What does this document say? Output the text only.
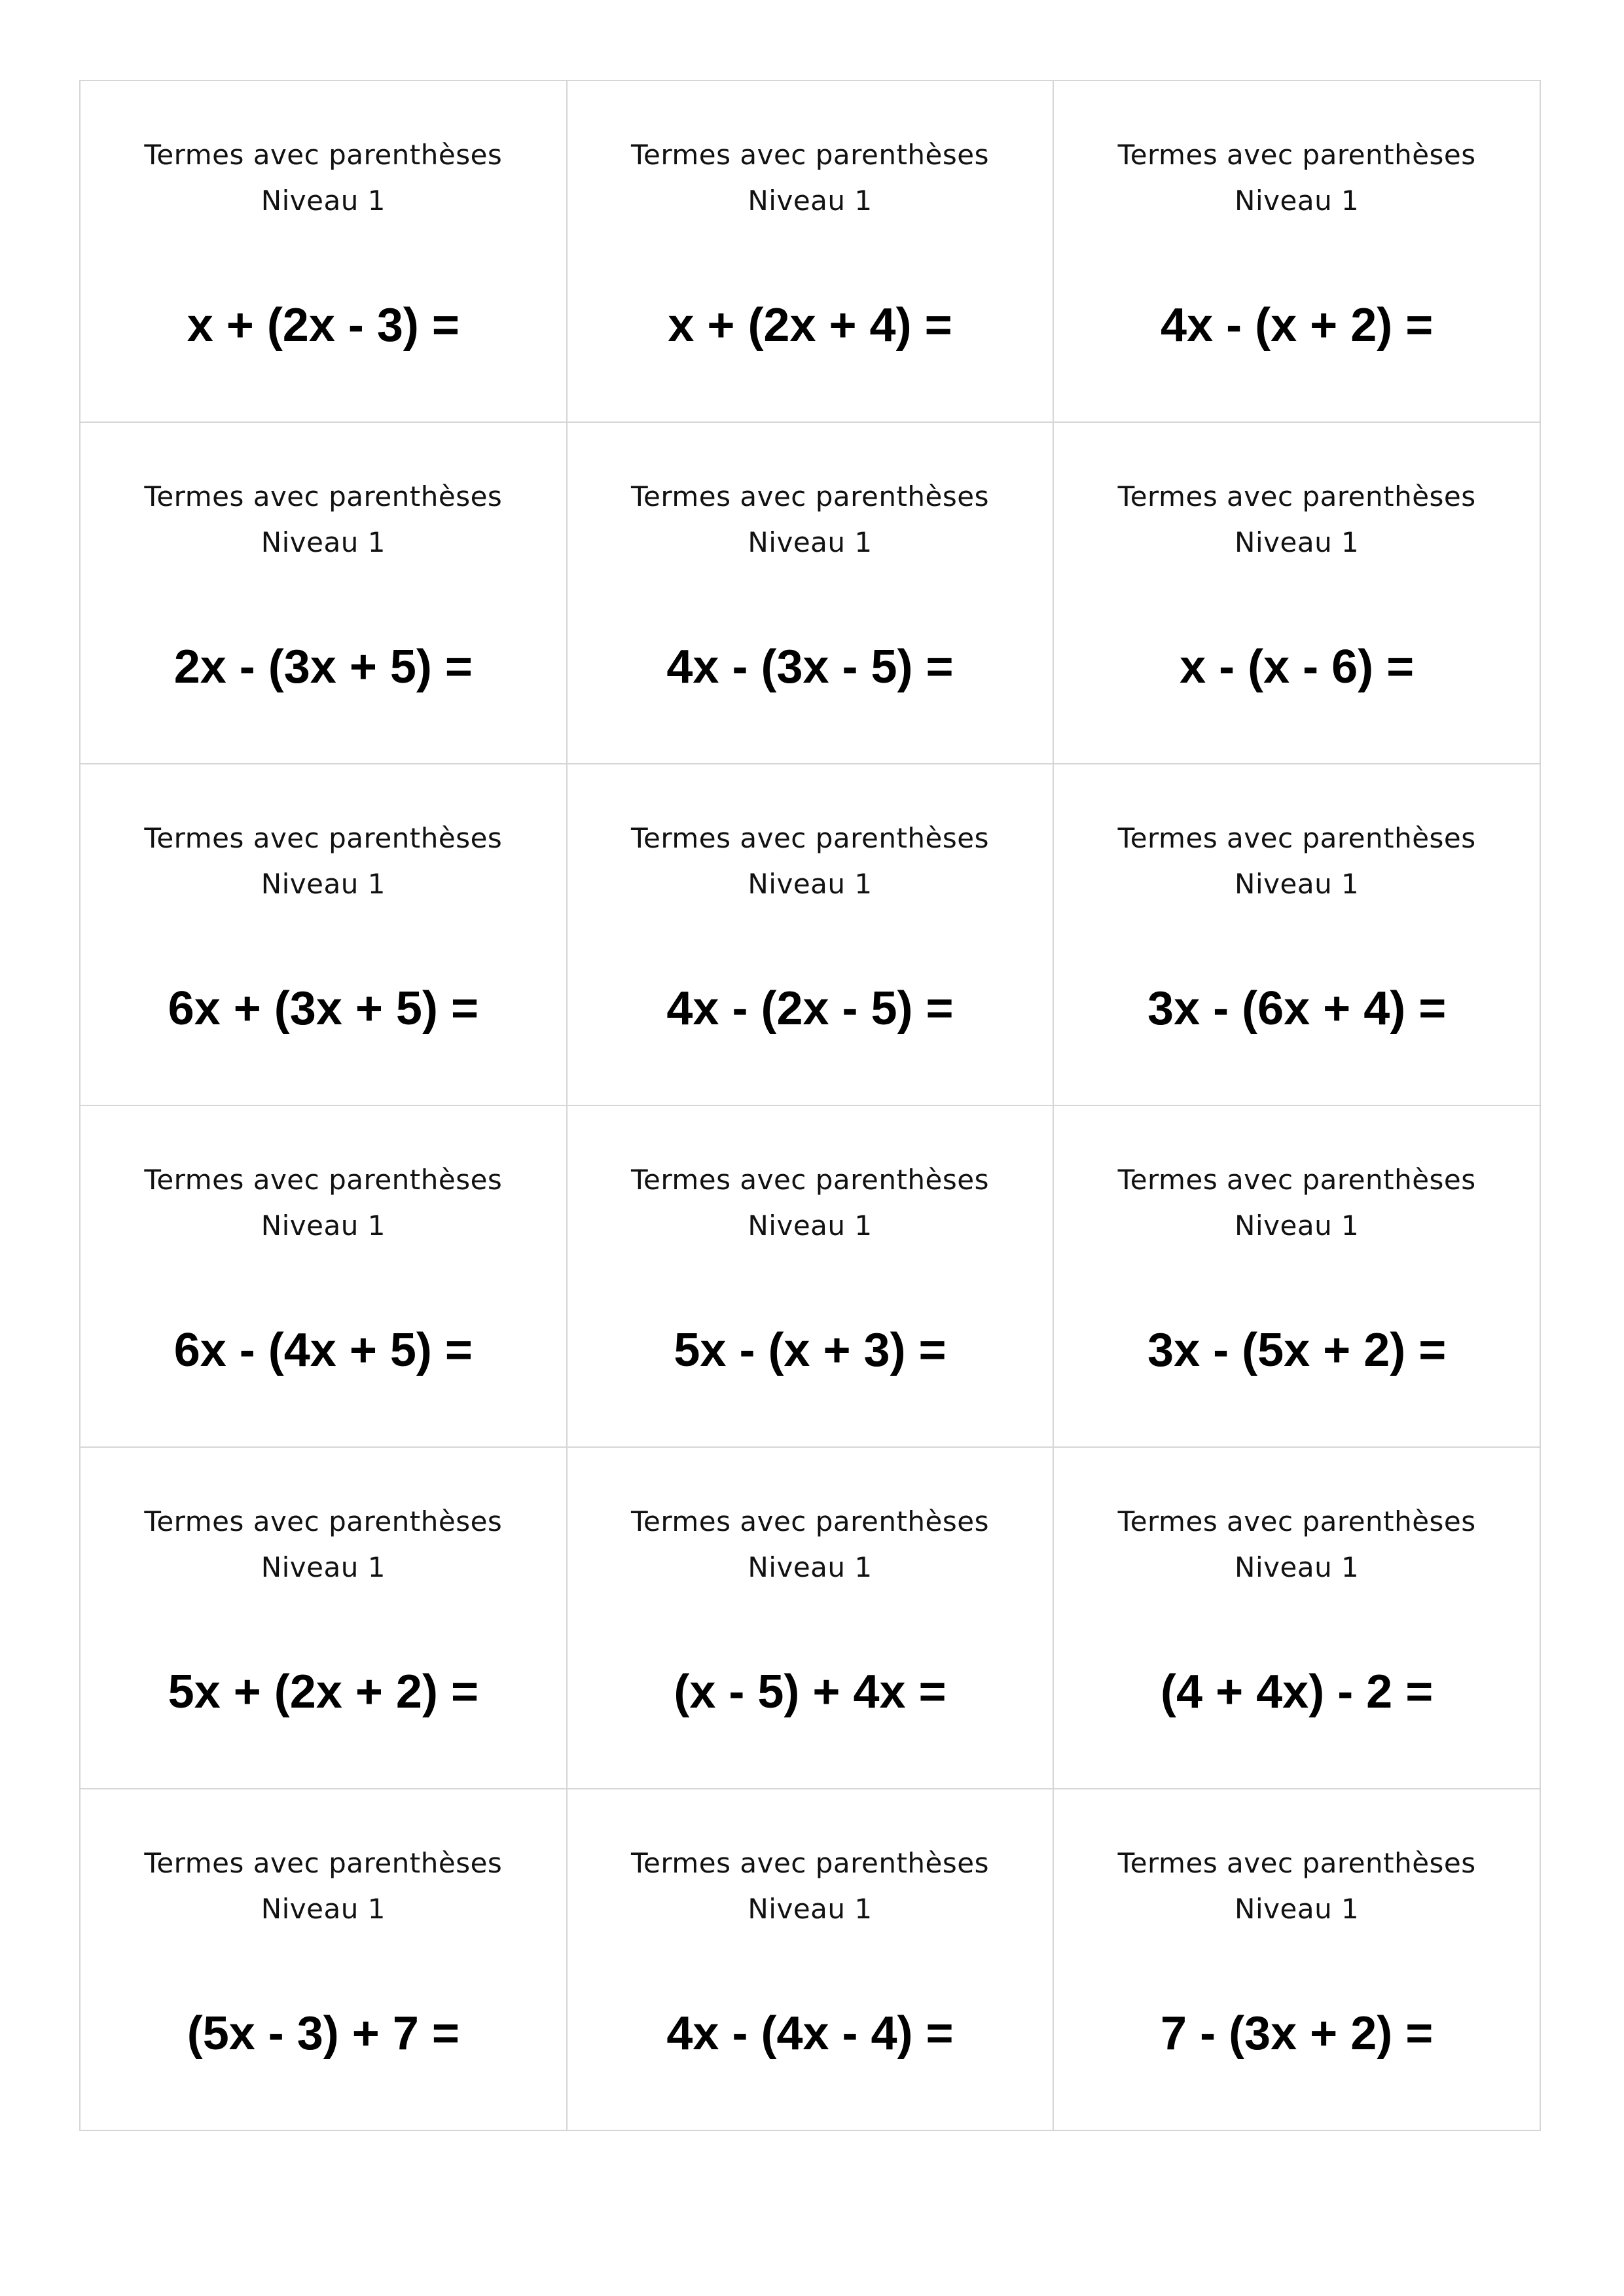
Termes avec parenthèses
Niveau 1
x + (2x - 3) =
Termes avec parenthèses
Niveau 1
x + (2x + 4) =
Termes avec parenthèses
Niveau 1
4x - (x + 2) =
Termes avec parenthèses
Niveau 1
2x - (3x + 5) =
Termes avec parenthèses
Niveau 1
4x - (3x - 5) =
Termes avec parenthèses
Niveau 1
x - (x - 6) =
Termes avec parenthèses
Niveau 1
6x + (3x + 5) =
Termes avec parenthèses
Niveau 1
4x - (2x - 5) =
Termes avec parenthèses
Niveau 1
3x - (6x + 4) =
Termes avec parenthèses
Niveau 1
6x - (4x + 5) =
Termes avec parenthèses
Niveau 1
5x - (x + 3) =
Termes avec parenthèses
Niveau 1
3x - (5x + 2) =
Termes avec parenthèses
Niveau 1
5x + (2x + 2) =
Termes avec parenthèses
Niveau 1
(x - 5) + 4x =
Termes avec parenthèses
Niveau 1
(4 + 4x) - 2 =
Termes avec parenthèses
Niveau 1
(5x - 3) + 7 =
Termes avec parenthèses
Niveau 1
4x - (4x - 4) =
Termes avec parenthèses
Niveau 1
7 - (3x + 2) =
